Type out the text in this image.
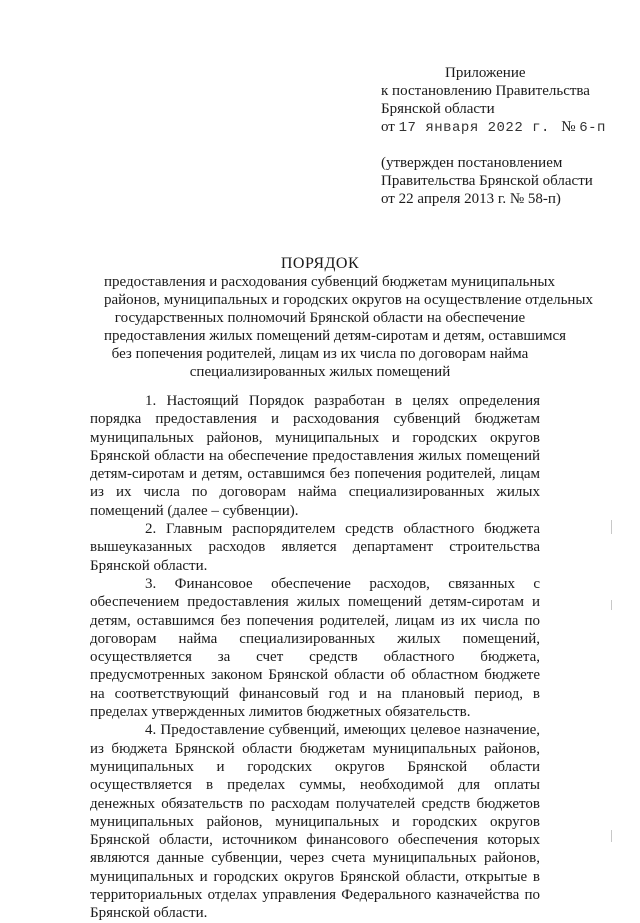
Приложение
к постановлению Правительства
Брянской области
от 17 января 2022 г. № 6-п
(утвержден постановлением
Правительства Брянской области
от 22 апреля 2013 г. № 58-п)
ПОРЯДОК
предоставления и расходования субвенций бюджетам муниципальных
районов, муниципальных и городских округов на осуществление отдельных
государственных полномочий Брянской области на обеспечение
предоставления жилых помещений детям-сиротам и детям, оставшимся
без попечения родителей, лицам из их числа по договорам найма
специализированных жилых помещений

1. Настоящий Порядок разработан в целях определения порядка предоставления и расходования субвенций бюджетам муниципальных районов, муниципальных и городских округов Брянской области на обеспечение предоставления жилых помещений детям-сиротам и детям, оставшимся без попечения родителей, лицам из их числа по договорам найма специализированных жилых помещений (далее – субвенции).

2. Главным распорядителем средств областного бюджета вышеуказанных расходов является департамент строительства Брянской области.

3. Финансовое обеспечение расходов, связанных с обеспечением предоставления жилых помещений детям-сиротам и детям, оставшимся без попечения родителей, лицам из их числа по договорам найма специализированных жилых помещений, осуществляется за счет средств областного бюджета, предусмотренных законом Брянской области об областном бюджете на соответствующий финансовый год и на плановый период, в пределах утвержденных лимитов бюджетных обязательств.

4. Предоставление субвенций, имеющих целевое назначение, из бюджета Брянской области бюджетам муниципальных районов, муниципальных и городских округов Брянской области осуществляется в пределах суммы, необходимой для оплаты денежных обязательств по расходам получателей средств бюджетов муниципальных районов, муниципальных и городских округов Брянской области, источником финансового обеспечения которых являются данные субвенции, через счета муниципальных районов, муниципальных и городских округов Брянской области, открытые в территориальных отделах управления Федерального казначейства по Брянской области.
